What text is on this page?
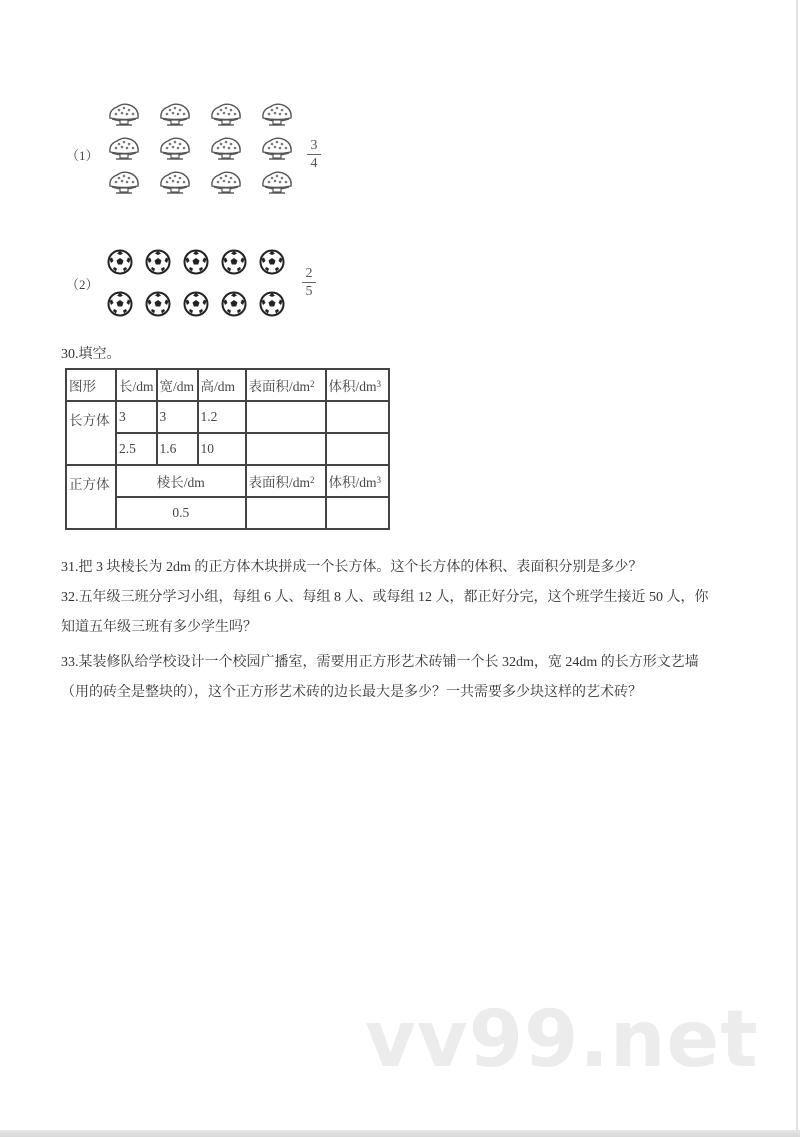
（1）
3
4
（2）
2
5
30.填空。
图形	长/dm	宽/dm	高/dm	表面积$/dm^2$	体积$/dm^3$
长方体	3	3	1.2		
	2.5	1.6	10		
正方体	棱长/dm			表面积$/dm^2$	体积$/dm^3$
	0.5				
31.把 3 块棱长为 2dm 的正方体木块拼成一个长方体。这个长方体的体积、表面积分别是多少？
32.五年级三班分学习小组，每组 6 人、每组 8 人、或每组 12 人，都正好分完，这个班学生接近 50 人，你
知道五年级三班有多少学生吗？
33.某装修队给学校设计一个校园广播室，需要用正方形艺术砖铺一个长 32dm，宽 24dm 的长方形文艺墙
（用的砖全是整块的），这个正方形艺术砖的边长最大是多少？一共需要多少块这样的艺术砖？
vv99.net
